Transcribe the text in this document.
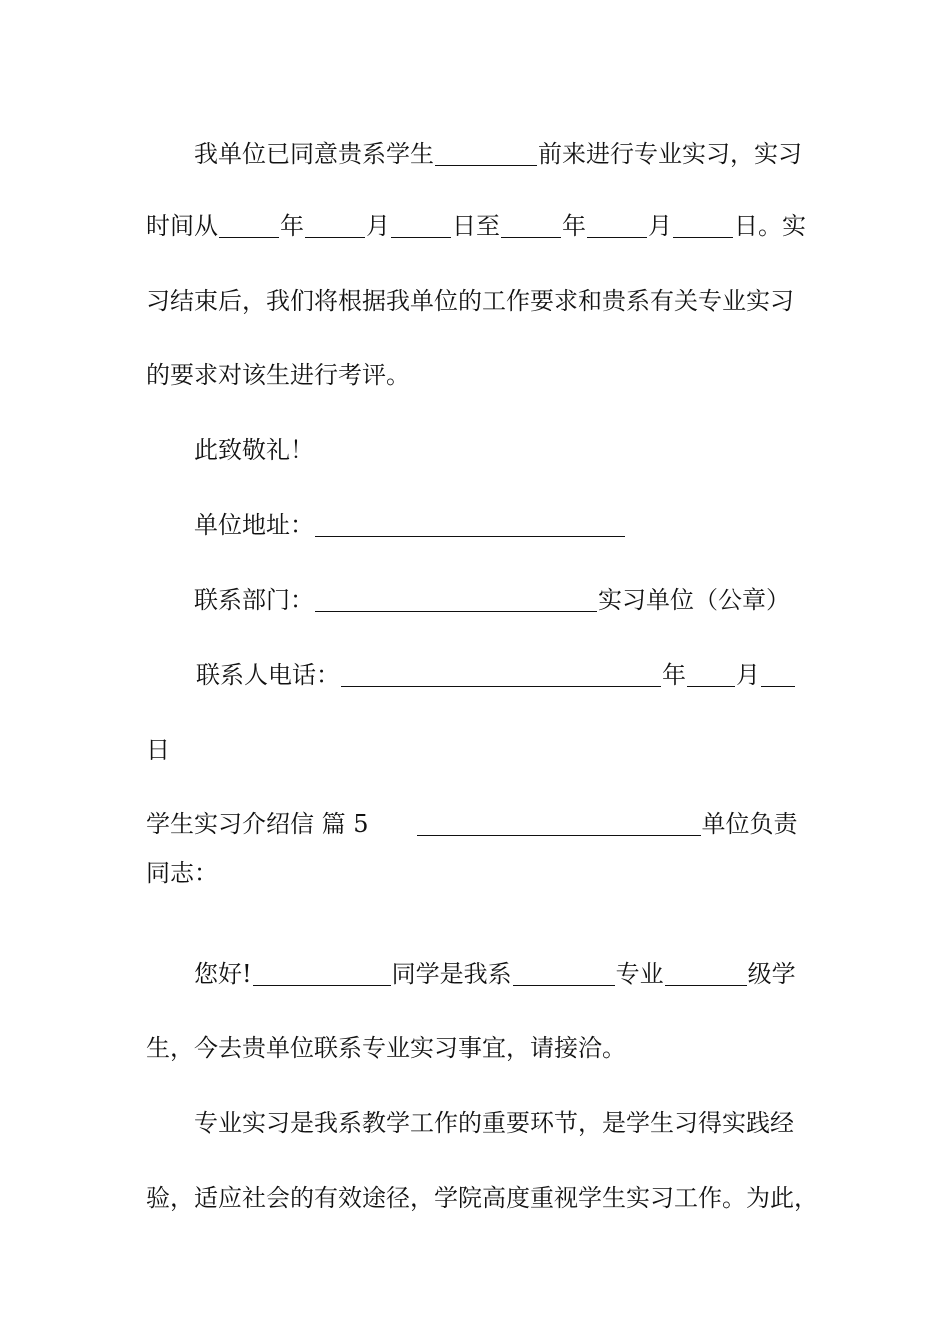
我单位已同意贵系学生	前来进行专业实习，实习
时间从	年	月	日至	年	月	日。实
习结束后，我们将根据我单位的工作要求和贵系有关专业实习
的要求对该生进行考评。
此致敬礼！
单位地址：
联系部门：	实习单位（公章）
联系人电话：	年 月
日
学生实习介绍信 篇 5	单位负责
同志：
您好!	同学是我系	专业	级学
生，今去贵单位联系专业实习事宜，请接洽。
专业实习是我系教学工作的重要环节，是学生习得实践经
验，适应社会的有效途径，学院高度重视学生实习工作。为此，
